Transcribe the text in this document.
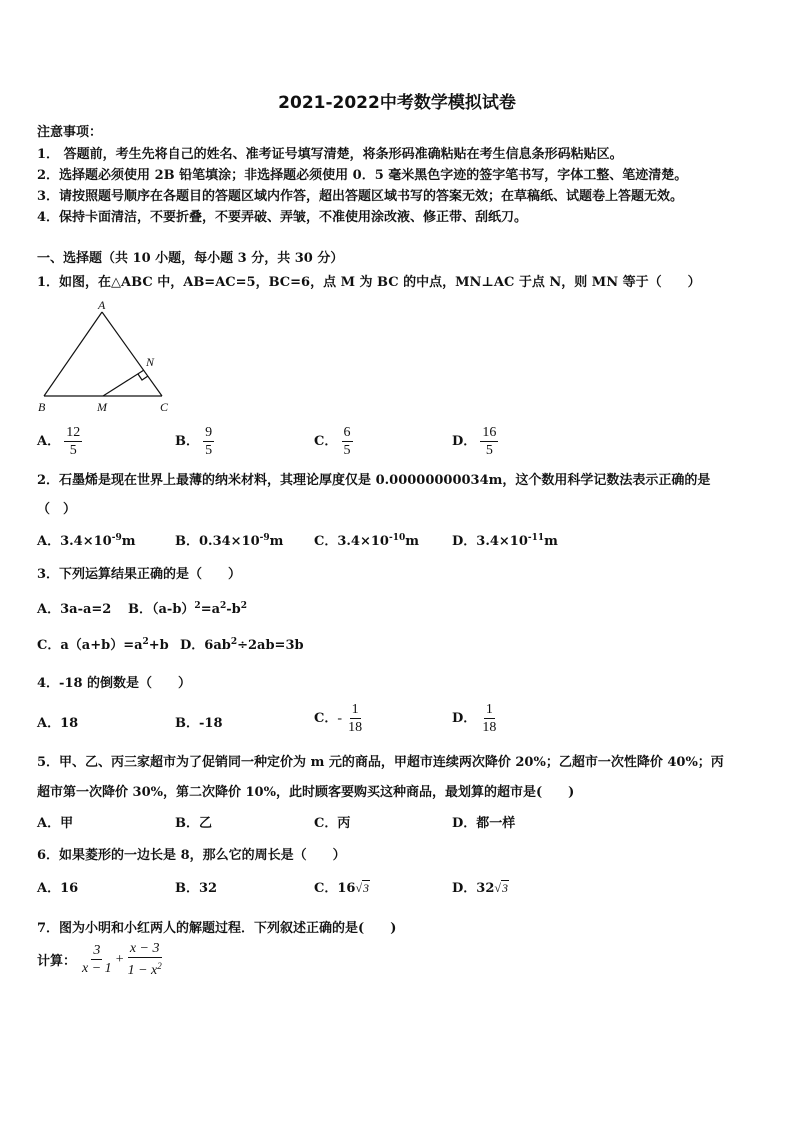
2021-2022中考数学模拟试卷
注意事项：
1． 答题前，考生先将自己的姓名、准考证号填写清楚，将条形码准确粘贴在考生信息条形码粘贴区。
2．选择题必须使用 2B 铅笔填涂；非选择题必须使用 0．5 毫米黑色字迹的签字笔书写，字体工整、笔迹清楚。
3．请按照题号顺序在各题目的答题区域内作答，超出答题区域书写的答案无效；在草稿纸、试题卷上答题无效。
4．保持卡面清洁，不要折叠，不要弄破、弄皱，不准使用涂改液、修正带、刮纸刀。
一、选择题（共 10 小题，每小题 3 分，共 30 分）
1．如图，在△ABC 中，AB=AC=5，BC=6，点 M 为 BC 的中点，MN⊥AC 于点 N，则 MN 等于（　　）
A
B	C
M
N
A． $\frac{12}{5}$	B． $\frac{9}{5}$	C． $\frac{6}{5}$	D． $\frac{16}{5}$
2．石墨烯是现在世界上最薄的纳米材料，其理论厚度仅是 0.00000000034m，这个数用科学记数法表示正确的是
（　）
A．$3.4\times 10^{-9}m$	B．$0.34\times 10^{-9}m$ C．$3.4\times 10^{-10}m$	D．$3.4\times 10^{-11}m$
3．下列运算结果正确的是（　　）
A．3a-a=2 B．$(a-b)^2=a^2-b^2$
C．$a(a+b)=a^2+b$ D．$6ab^2\div 2ab=3b$
4．-18 的倒数是（　　）
A．18	B．-18	C．- $\frac{1}{18}$	D． $\frac{1}{18}$
5．甲、乙、丙三家超市为了促销同一种定价为 m 元的商品，甲超市连续两次降价 20%；乙超市一次性降价 40%；丙
超市第一次降价 30%，第二次降价 10%，此时顾客要购买这种商品，最划算的超市是(　　)
A．甲	B．乙	C．丙	D．都一样
6．如果菱形的一边长是 8，那么它的周长是（　　）
A．16	B．32	C．16√3	D．32√3
7．图为小明和小红两人的解题过程．下列叙述正确的是(　　)
计算： $\frac{3}{x - 1} + \frac{x - 3}{1 - x^2}$
